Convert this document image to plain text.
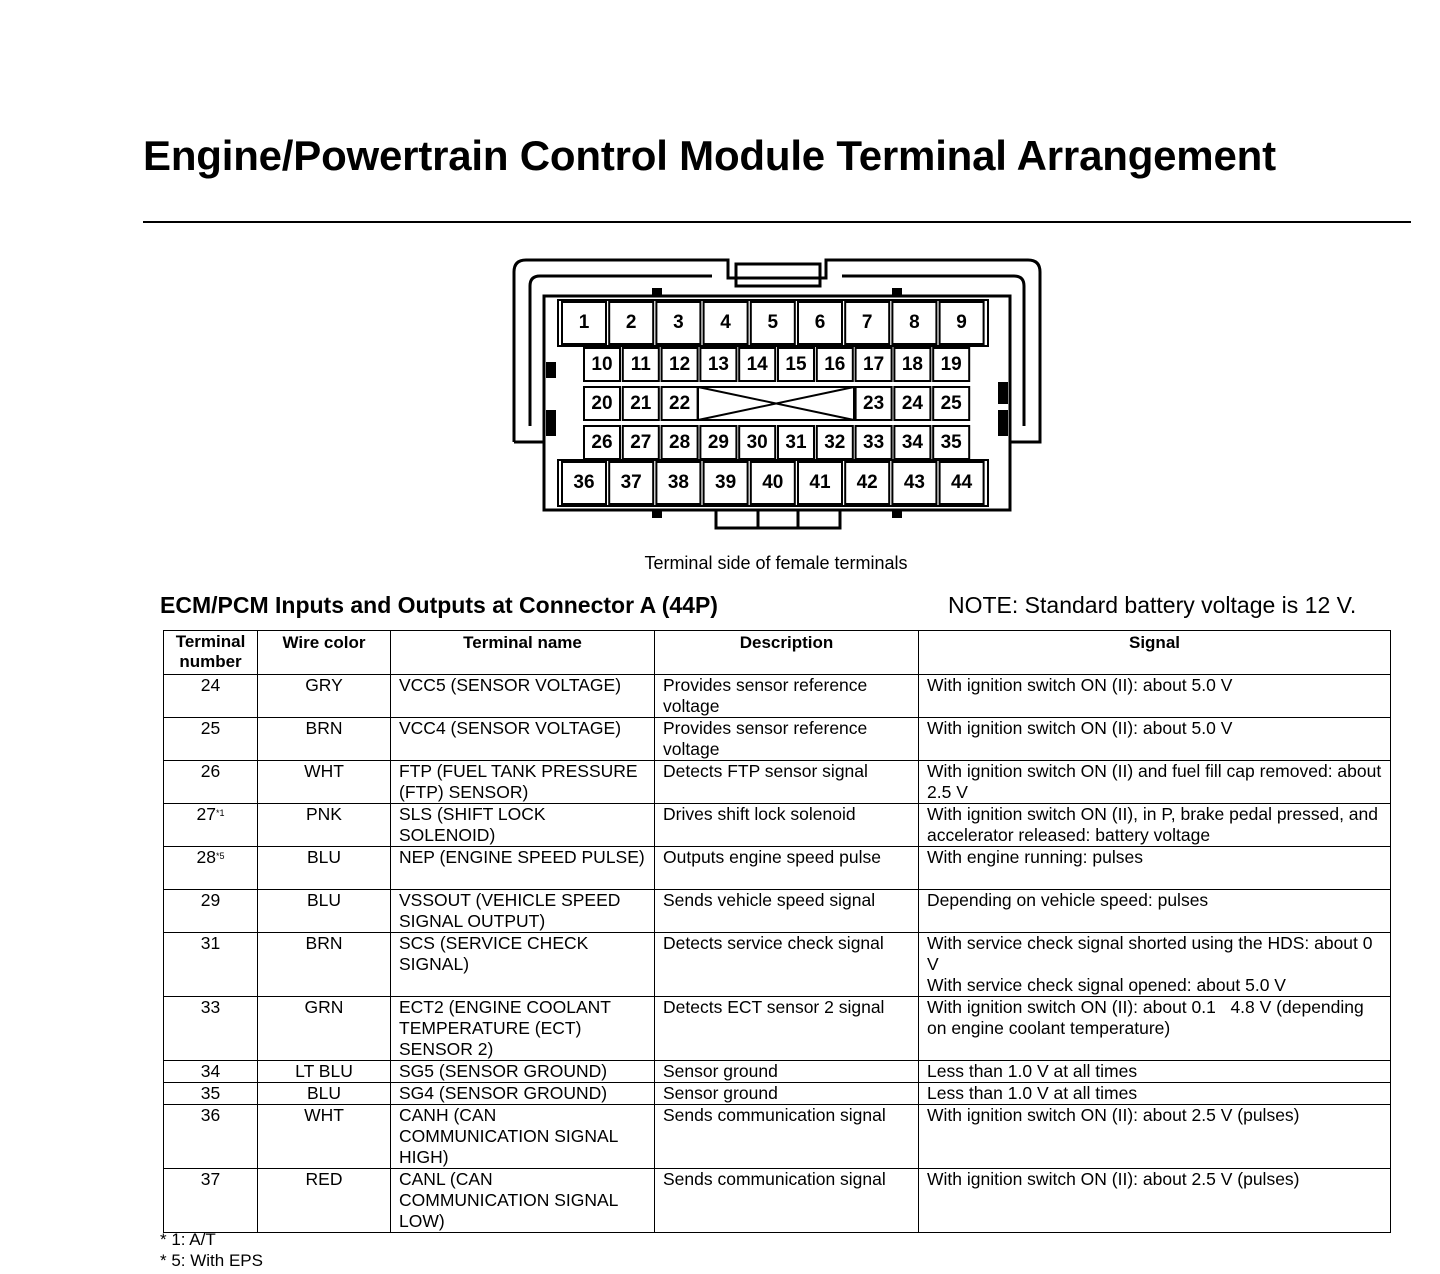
Engine/Powertrain Control Module Terminal Arrangement
1	2	3	4	5	6	7	8	9
10 11 12 13 14 15 16 17 18 19
20 21 22	23 24 25
26 27 28 29 30 31 32 33 34 35
36	37	38	39	40	41	42	43	44
Terminal side of female terminals
ECM/PCM Inputs and Outputs at Connector A (44P)	NOTE: Standard battery voltage is 12 V.
Terminal
number	Wire color	Terminal name	Description	Signal
24	GRY	VCC5 (SENSOR VOLTAGE)	Provides sensor reference voltage	With ignition switch ON (II): about 5.0 V
25	BRN	VCC4 (SENSOR VOLTAGE)	Provides sensor reference voltage	With ignition switch ON (II): about 5.0 V
26	WHT	FTP (FUEL TANK PRESSURE (FTP) SENSOR)	Detects FTP sensor signal	With ignition switch ON (II) and fuel fill cap removed: about 2.5 V
27$^{*1}$	PNK	SLS (SHIFT LOCK SOLENOID)	Drives shift lock solenoid	With ignition switch ON (II), in P, brake pedal pressed, and accelerator released: battery voltage
28$^{*5}$	BLU	NEP (ENGINE SPEED PULSE)	Outputs engine speed pulse	With engine running: pulses
29	BLU	VSSOUT (VEHICLE SPEED SIGNAL OUTPUT)	Sends vehicle speed signal	Depending on vehicle speed: pulses
31	BRN	SCS (SERVICE CHECK SIGNAL)	Detects service check signal	With service check signal shorted using the HDS: about 0 V
With service check signal opened: about 5.0 V
33	GRN	ECT2 (ENGINE COOLANT TEMPERATURE (ECT) SENSOR 2)	Detects ECT sensor 2 signal	With ignition switch ON (II): about 0.1   4.8 V (depending on engine coolant temperature)
34	LT BLU	SG5 (SENSOR GROUND)	Sensor ground	Less than 1.0 V at all times
35	BLU	SG4 (SENSOR GROUND)	Sensor ground	Less than 1.0 V at all times
36	WHT	CANH (CAN COMMUNICATION SIGNAL HIGH)	Sends communication signal	With ignition switch ON (II): about 2.5 V (pulses)
37	RED	CANL (CAN COMMUNICATION SIGNAL LOW)	Sends communication signal	With ignition switch ON (II): about 2.5 V (pulses)
* 1: A/T
* 5: With EPS
